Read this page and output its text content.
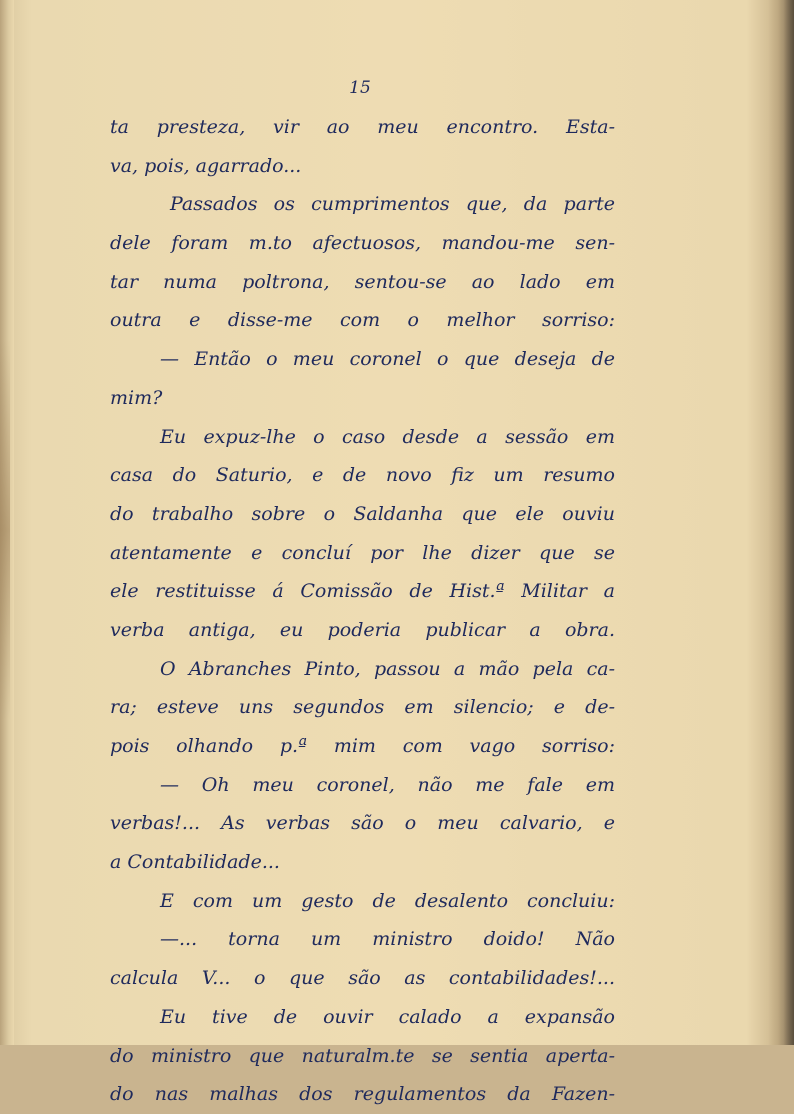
15
ta presteza, vir ao meu encontro. Esta-
va, pois, agarrado...
Passados os cumprimentos que, da parte
dele foram m.to afectuosos, mandou-me sen-
tar numa poltrona, sentou-se ao lado em
outra e disse-me com o melhor sorriso:
— Então o meu coronel o que deseja de
mim?
Eu expuz-lhe o caso desde a sessão em
casa do Saturio, e de novo fiz um resumo
do trabalho sobre o Saldanha que ele ouviu
atentamente e concluí por lhe dizer que se
ele restituisse á Comissão de Hist.ª Militar a
verba antiga, eu poderia publicar a obra.
O Abranches Pinto, passou a mão pela ca-
ra; esteve uns segundos em silencio; e de-
pois olhando p.ª mim com vago sorriso:
— Oh meu coronel, não me fale em
verbas!... As verbas são o meu calvario, e
a Contabilidade...
E com um gesto de desalento concluiu:
—... torna um ministro doido! Não
calcula V... o que são as contabilidades!...
Eu tive de ouvir calado a expansão
do ministro que naturalm.te se sentia aperta-
do nas malhas dos regulamentos da Fazen-
